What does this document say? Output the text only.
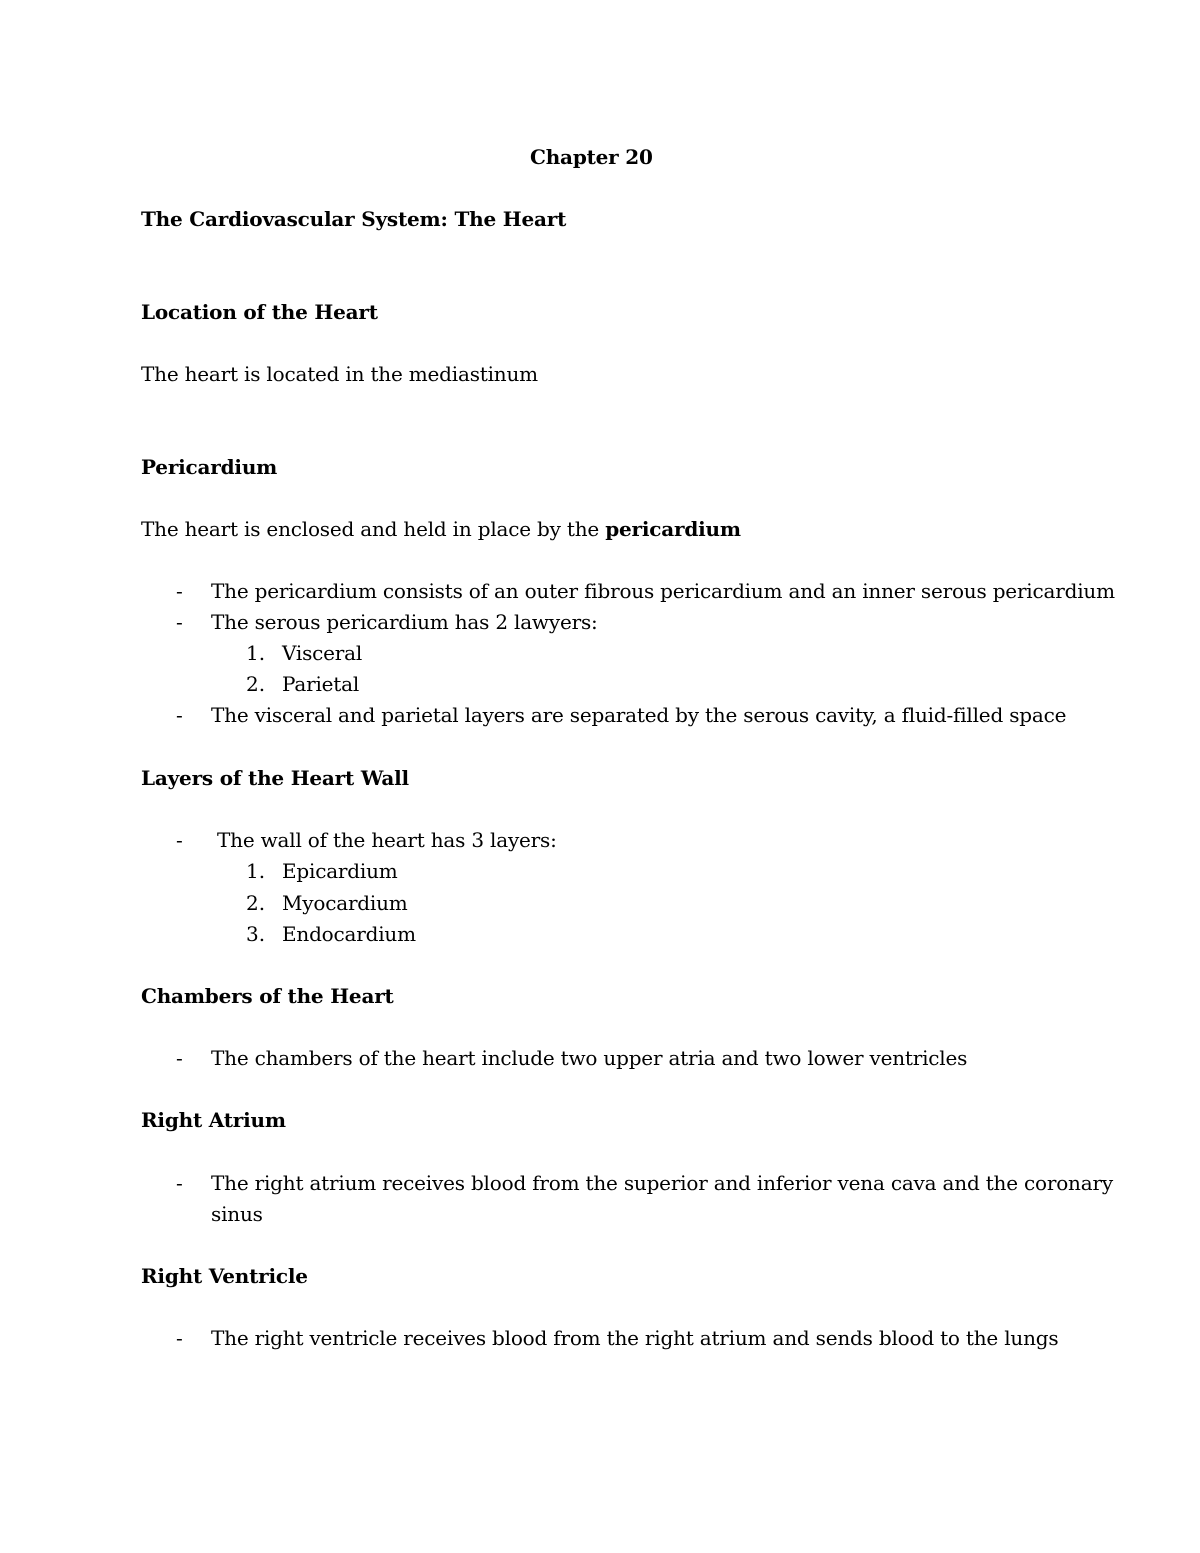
Chapter 20
The Cardiovascular System: The Heart
Location of the Heart
The heart is located in the mediastinum
Pericardium
The heart is enclosed and held in place by the pericardium
- The pericardium consists of an outer fibrous pericardium and an inner serous pericardium
- The serous pericardium has 2 lawyers:
1. Visceral
2. Parietal
- The visceral and parietal layers are separated by the serous cavity, a fluid-filled space
Layers of the Heart Wall
- The wall of the heart has 3 layers:
1. Epicardium
2. Myocardium
3. Endocardium
Chambers of the Heart
- The chambers of the heart include two upper atria and two lower ventricles
Right Atrium
- The right atrium receives blood from the superior and inferior vena cava and the coronary
sinus
Right Ventricle
- The right ventricle receives blood from the right atrium and sends blood to the lungs
